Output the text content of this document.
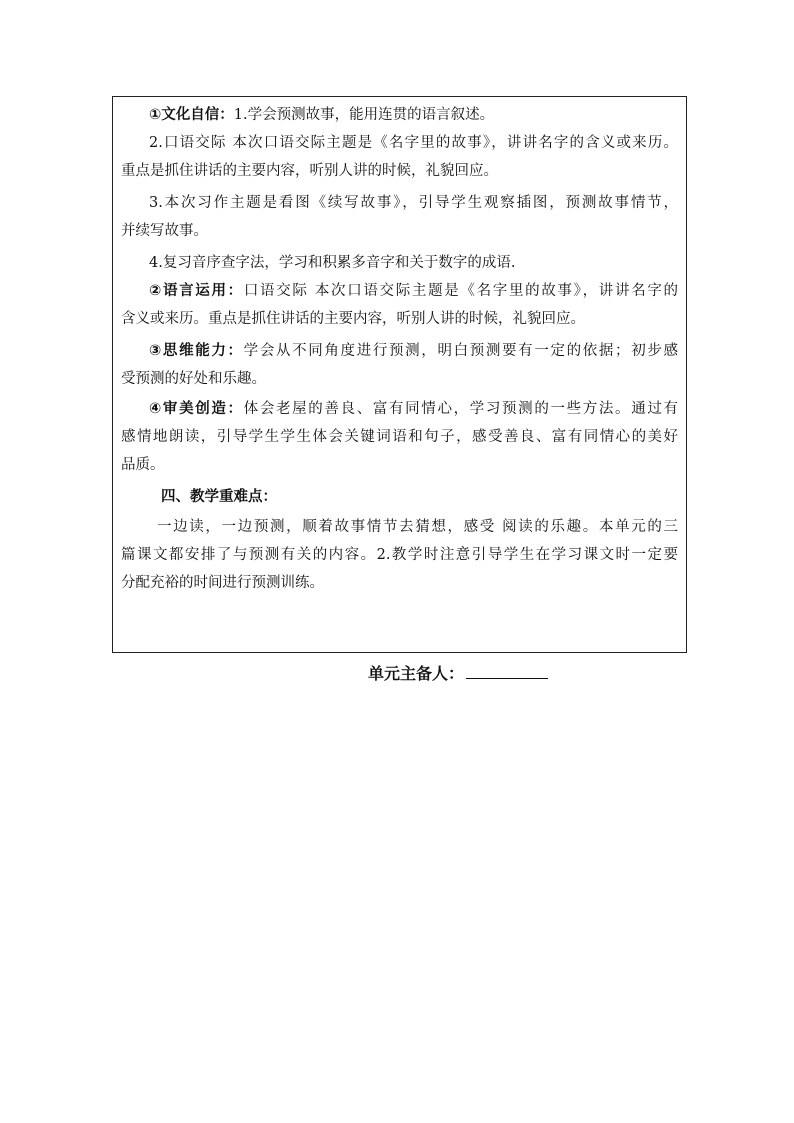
①文化自信：1.学会预测故事，能用连贯的语言叙述。
2.口语交际 本次口语交际主题是《名字里的故事》，讲讲名字的含义或来历。
重点是抓住讲话的主要内容，听别人讲的时候，礼貌回应。
3.本次习作主题是看图《续写故事》，引导学生观察插图，预测故事情节，
并续写故事。
4.复习音序查字法，学习和积累多音字和关于数字的成语.
②语言运用：口语交际 本次口语交际主题是《名字里的故事》，讲讲名字的
含义或来历。重点是抓住讲话的主要内容，听别人讲的时候，礼貌回应。
③思维能力：学会从不同角度进行预测，明白预测要有一定的依据；初步感
受预测的好处和乐趣。
④审美创造：体会老屋的善良、富有同情心，学习预测的一些方法。通过有
感情地朗读，引导学生学生体会关键词语和句子，感受善良、富有同情心的美好
品质。
四、教学重难点：
一边读，一边预测，顺着故事情节去猜想，感受 阅读的乐趣。本单元的三
篇课文都安排了与预测有关的内容。2.教学时注意引导学生在学习课文时一定要
分配充裕的时间进行预测训练。
单元主备人：
